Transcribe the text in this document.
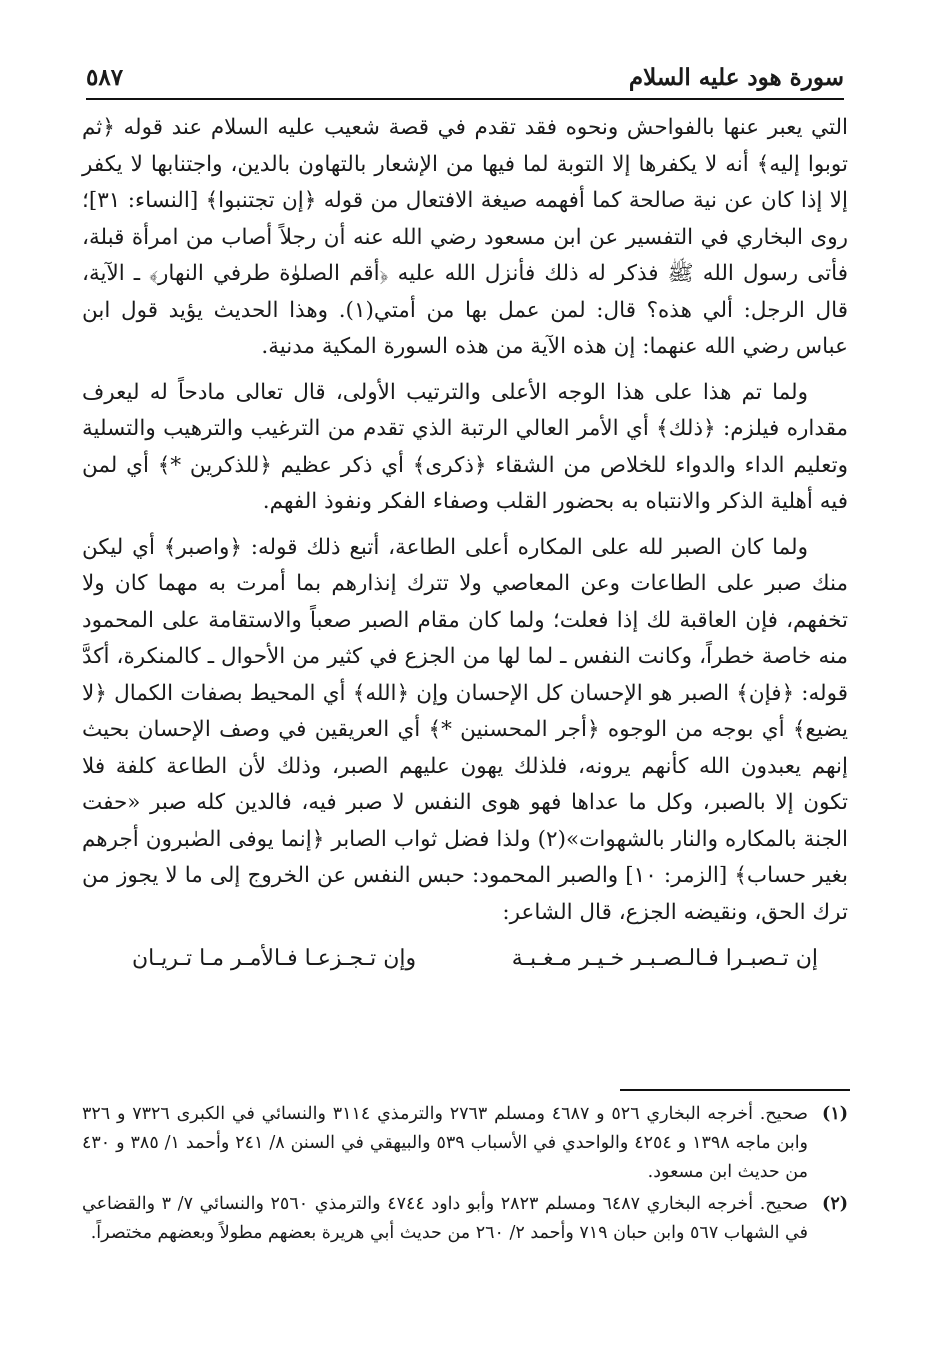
سورة هود عليه السلام
٥٨٧

التي يعبر عنها بالفواحش ونحوه فقد تقدم في قصة شعيب عليه السلام عند قوله ﴿ثم توبوا إليه﴾ أنه لا يكفرها إلا التوبة لما فيها من الإشعار بالتهاون بالدين، واجتنابها لا يكفر إلا إذا كان عن نية صالحة كما أفهمه صيغة الافتعال من قوله ﴿إن تجتنبوا﴾ [النساء: ٣١]؛ روى البخاري في التفسير عن ابن مسعود رضي الله عنه أن رجلاً أصاب من امرأة قبلة، فأتى رسول الله ﷺ فذكر له ذلك فأنزل الله عليه ﴿أقم الصلوٰة طرفي النهار﴾ ـ الآية، قال الرجل: ألي هذه؟ قال: لمن عمل بها من أمتي(١). وهذا الحديث يؤيد قول ابن عباس رضي الله عنهما: إن هذه الآية من هذه السورة المكية مدنية.

ولما تم هذا على هذا الوجه الأعلى والترتيب الأولى، قال تعالى مادحاً له ليعرف مقداره فيلزم: ﴿ذلك﴾ أي الأمر العالي الرتبة الذي تقدم من الترغيب والترهيب والتسلية وتعليم الداء والدواء للخلاص من الشقاء ﴿ذكرى﴾ أي ذكر عظيم ﴿للذكرين *﴾ أي لمن فيه أهلية الذكر والانتباه به بحضور القلب وصفاء الفكر ونفوذ الفهم.

ولما كان الصبر لله على المكاره أعلى الطاعة، أتبع ذلك قوله: ﴿واصبر﴾ أي ليكن منك صبر على الطاعات وعن المعاصي ولا تترك إنذارهم بما أمرت به مهما كان ولا تخفهم، فإن العاقبة لك إذا فعلت؛ ولما كان مقام الصبر صعباً والاستقامة على المحمود منه خاصة خطراً، وكانت النفس ـ لما لها من الجزع في كثير من الأحوال ـ كالمنكرة، أكدَّ قوله: ﴿فإن﴾ الصبر هو الإحسان كل الإحسان وإن ﴿الله﴾ أي المحيط بصفات الكمال ﴿لا يضيع﴾ أي بوجه من الوجوه ﴿أجر المحسنين *﴾ أي العريقين في وصف الإحسان بحيث إنهم يعبدون الله كأنهم يرونه، فلذلك يهون عليهم الصبر، وذلك لأن الطاعة كلفة فلا تكون إلا بالصبر، وكل ما عداها فهو هوى النفس لا صبر فيه، فالدين كله صبر «حفت الجنة بالمكاره والنار بالشهوات»(٢) ولذا فضل ثواب الصابر ﴿إنما يوفى الصٰبرون أجرهم بغير حساب﴾ [الزمر: ١٠] والصبر المحمود: حبس النفس عن الخروج إلى ما لا يجوز من ترك الحق، ونقيضه الجزع، قال الشاعر:

إن تـصبـرا فـالـصـبـر خـيـر مـغـبـة
وإن تـجـزعـا فـالأمـر مـا تـريـان
(١)
صحيح. أخرجه البخاري ٥٢٦ و ٤٦٨٧ ومسلم ٢٧٦٣ والترمذي ٣١١٤ والنسائي في الكبرى ٧٣٢٦ و ٣٢٦ وابن ماجه ١٣٩٨ و ٤٢٥٤ والواحدي في الأسباب ٥٣٩ والبيهقي في السنن ٨/ ٢٤١ وأحمد ١/ ٣٨٥ و ٤٣٠ من حديث ابن مسعود.
(٢)
صحيح. أخرجه البخاري ٦٤٨٧ ومسلم ٢٨٢٣ وأبو داود ٤٧٤٤ والترمذي ٢٥٦٠ والنسائي ٧/ ٣ والقضاعي في الشهاب ٥٦٧ وابن حبان ٧١٩ وأحمد ٢/ ٢٦٠ من حديث أبي هريرة بعضهم مطولاً وبعضهم مختصراً.
